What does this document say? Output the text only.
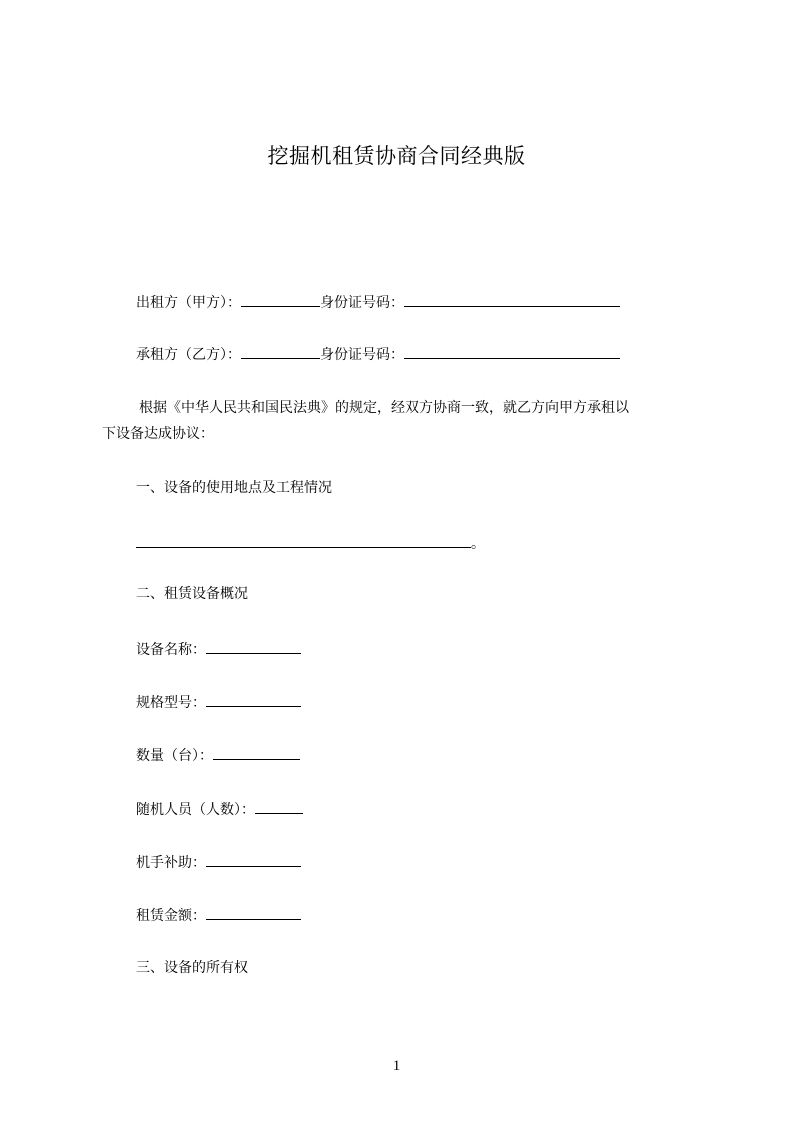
挖掘机租赁协商合同经典版
出租方（甲方）：	身份证号码：
承租方（乙方）：	身份证号码：
根据《中华人民共和国民法典》的规定，经双方协商一致，就乙方向甲方承租以
下设备达成协议：
一、设备的使用地点及工程情况
。
二、租赁设备概况
设备名称：
规格型号：
数量（台）：
随机人员（人数）：
机手补助：
租赁金额：
三、设备的所有权
1
